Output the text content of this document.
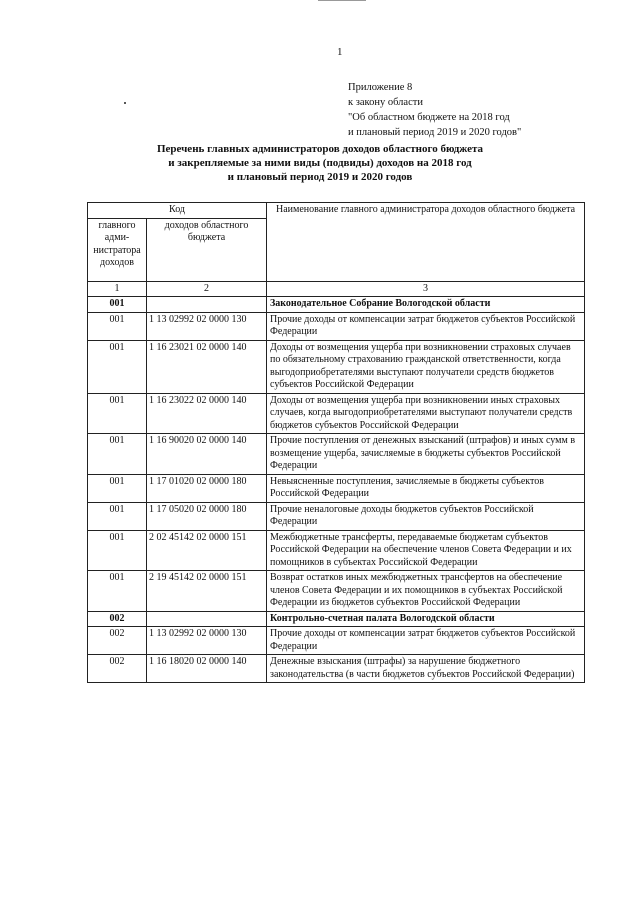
1
Приложение 8
к закону области
"Об областном бюджете на 2018 год
и плановый период 2019 и 2020 годов"
Перечень главных администраторов доходов областного бюджета
и закрепляемые за ними виды (подвиды) доходов на 2018 год
и плановый период 2019 и 2020 годов
Код		Наименование главного администратора доходов областного бюджета
главного адми-нистратора доходов	доходов областного бюджета	
1	2	3
001		Законодательное Собрание Вологодской области
001	1 13 02992 02 0000 130	Прочие доходы от компенсации затрат бюджетов субъектов Российской Федерации
001	1 16 23021 02 0000 140	Доходы от возмещения ущерба при возникновении страховых случаев по обязательному страхованию гражданской ответственности, когда выгодоприобретателями выступают получатели средств бюджетов субъектов Российской Федерации
001	1 16 23022 02 0000 140	Доходы от возмещения ущерба при возникновении иных страховых случаев, когда выгодоприобретателями выступают получатели средств бюджетов субъектов Российской Федерации
001	1 16 90020 02 0000 140	Прочие поступления от денежных взысканий (штрафов) и иных сумм в возмещение ущерба, зачисляемые в бюджеты субъектов Российской Федерации
001	1 17 01020 02 0000 180	Невыясненные поступления, зачисляемые в бюджеты субъектов Российской Федерации
001	1 17 05020 02 0000 180	Прочие неналоговые доходы бюджетов субъектов Российской Федерации
001	2 02 45142 02 0000 151	Межбюджетные трансферты, передаваемые бюджетам субъектов Российской Федерации на обеспечение членов Совета Федерации и их помощников в субъектах Российской Федерации
001	2 19 45142 02 0000 151	Возврат остатков иных межбюджетных трансфертов на обеспечение членов Совета Федерации и их помощников в субъектах Российской Федерации из бюджетов субъектов Российской Федерации
002		Контрольно-счетная палата Вологодской области
002	1 13 02992 02 0000 130	Прочие доходы от компенсации затрат бюджетов субъектов Российской Федерации
002	1 16 18020 02 0000 140	Денежные взыскания (штрафы) за нарушение бюджетного законодательства (в части бюджетов субъектов Российской Федерации)
